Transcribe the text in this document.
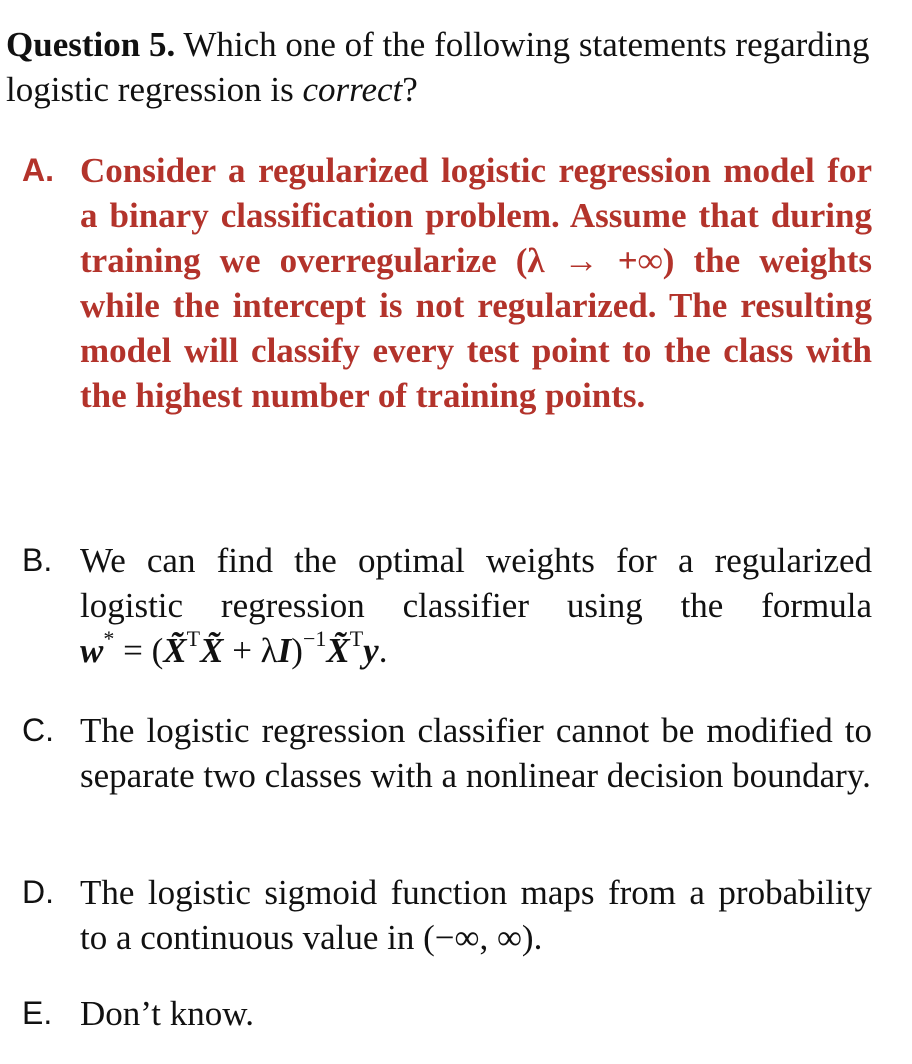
Question 5. Which one of the following statements regarding logistic regression is correct?
A. Consider a regularized logistic regression model for a binary classification problem. Assume that during training we overregularize (λ → +∞) the weights while the intercept is not regularized. The resulting model will classify every test point to the class with the highest number of training points.
B. We can find the optimal weights for a regularized logistic regression classifier using the formula w* = (X̃$^T$X̃ + λI)$^{-1}$X̃$^T$y.
C. The logistic regression classifier cannot be modified to separate two classes with a nonlinear decision boundary.
D. The logistic sigmoid function maps from a probability to a continuous value in (−∞, ∞).
E. Don’t know.
